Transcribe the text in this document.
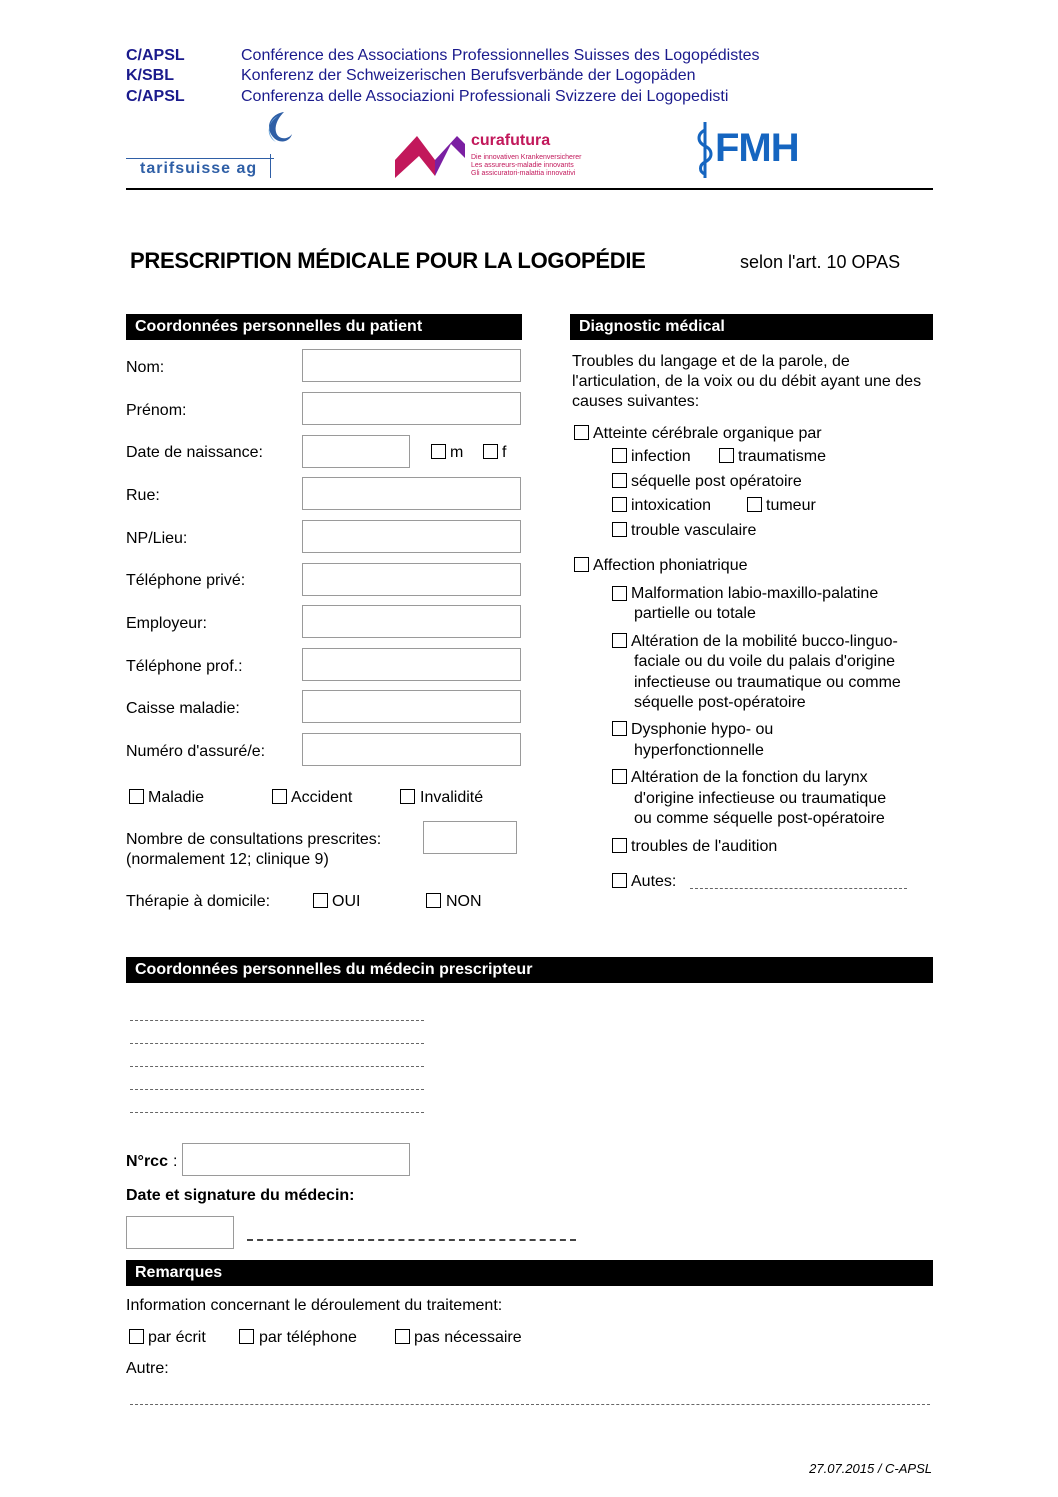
C/APSL	Conférence des Associations Professionnelles Suisses des Logopédistes
K/SBL	Konferenz der Schweizerischen Berufsverbände der Logopäden
C/APSL	Conferenza delle Associazioni Professionali Svizzere dei Logopedisti
tarifsuisse ag
curafutura
Die innovativen Krankenversicherer
Les assureurs-maladie innovants
Gli assicuratori-malattia innovativi
FMH
PRESCRIPTION MÉDICALE POUR LA LOGOPÉDIE	selon l'art. 10 OPAS
Coordonnées personnelles du patient
Nom:
Prénom:
Date de naissance:	m f
Rue:
NP/Lieu:
Téléphone privé:
Employeur:
Téléphone prof.:
Caisse maladie:
Numéro d'assuré/e:
Maladie	Accident	Invalidité
Nombre de consultations prescrites:
(normalement 12; clinique 9)
Thérapie à domicile:	OUI	NON
Diagnostic médical
Troubles du langage et de la parole, de l'articulation, de la voix ou du débit ayant une des causes suivantes:
Atteinte cérébrale organique par
infection	traumatisme
séquelle post opératoire
intoxication	tumeur
trouble vasculaire
Affection phoniatrique
Malformation labio-maxillo-palatine
partielle ou totale
Altération de la mobilité bucco-linguo-
faciale ou du voile du palais d'origine
infectieuse ou traumatique ou comme
séquelle post-opératoire
Dysphonie hypo- ou
hyperfonctionnelle
Altération de la fonction du larynx
d'origine infectieuse ou traumatique
ou comme séquelle post-opératoire
troubles de l'audition
Autes:
Coordonnées personnelles du médecin prescripteur
N°rcc :
Date et signature du médecin:
Remarques
Information concernant le déroulement du traitement:
par écrit	par téléphone	pas nécessaire
Autre:
27.07.2015 / C-APSL
